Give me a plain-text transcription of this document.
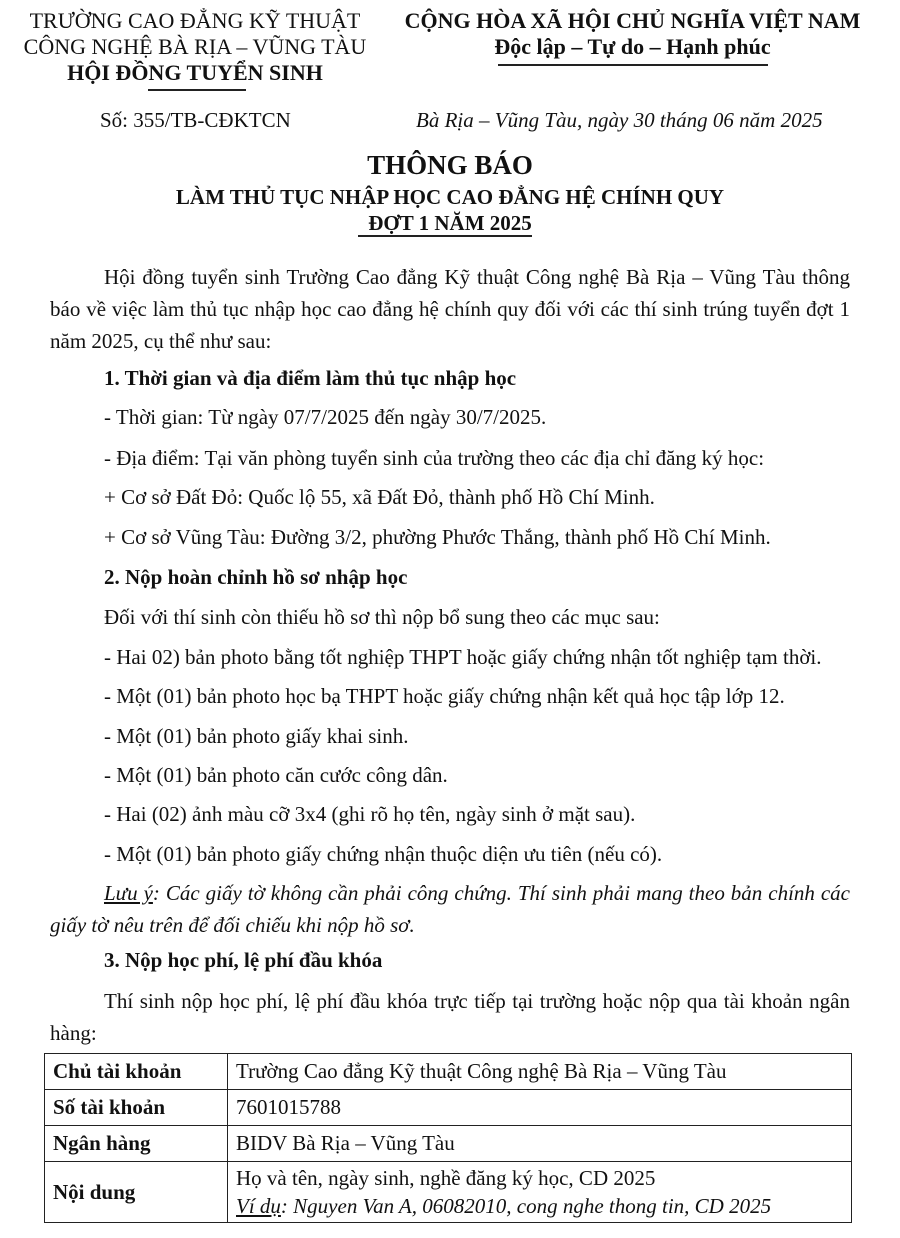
TRƯỜNG CAO ĐẲNG KỸ THUẬT
CÔNG NGHỆ BÀ RỊA – VŨNG TÀU
HỘI ĐỒNG TUYỂN SINH
CỘNG HÒA XÃ HỘI CHỦ NGHĨA VIỆT NAM
Độc lập – Tự do – Hạnh phúc
Số: 355/TB-CĐKTCN	Bà Rịa – Vũng Tàu, ngày 30 tháng 06 năm 2025
THÔNG BÁO
LÀM THỦ TỤC NHẬP HỌC CAO ĐẲNG HỆ CHÍNH QUY
ĐỢT 1 NĂM 2025
Hội đồng tuyển sinh Trường Cao đẳng Kỹ thuật Công nghệ Bà Rịa – Vũng Tàu thông báo về việc làm thủ tục nhập học cao đẳng hệ chính quy đối với các thí sinh trúng tuyển đợt 1 năm 2025, cụ thể như sau:
1. Thời gian và địa điểm làm thủ tục nhập học
- Thời gian: Từ ngày 07/7/2025 đến ngày 30/7/2025.
- Địa điểm: Tại văn phòng tuyển sinh của trường theo các địa chỉ đăng ký học:
+ Cơ sở Đất Đỏ: Quốc lộ 55, xã Đất Đỏ, thành phố Hồ Chí Minh.
+ Cơ sở Vũng Tàu: Đường 3/2, phường Phước Thắng, thành phố Hồ Chí Minh.
2. Nộp hoàn chỉnh hồ sơ nhập học
Đối với thí sinh còn thiếu hồ sơ thì nộp bổ sung theo các mục sau:
- Hai 02) bản photo bằng tốt nghiệp THPT hoặc giấy chứng nhận tốt nghiệp tạm thời.
- Một (01) bản photo học bạ THPT hoặc giấy chứng nhận kết quả học tập lớp 12.
- Một (01) bản photo giấy khai sinh.
- Một (01) bản photo căn cước công dân.
- Hai (02) ảnh màu cỡ 3x4 (ghi rõ họ tên, ngày sinh ở mặt sau).
- Một (01) bản photo giấy chứng nhận thuộc diện ưu tiên (nếu có).
Lưu ý: Các giấy tờ không cần phải công chứng. Thí sinh phải mang theo bản chính các giấy tờ nêu trên để đối chiếu khi nộp hồ sơ.
3. Nộp học phí, lệ phí đầu khóa
Thí sinh nộp học phí, lệ phí đầu khóa trực tiếp tại trường hoặc nộp qua tài khoản ngân hàng:
Chủ tài khoản	Trường Cao đẳng Kỹ thuật Công nghệ Bà Rịa – Vũng Tàu
Số tài khoản	7601015788
Ngân hàng	BIDV Bà Rịa – Vũng Tàu
Nội dung	Họ và tên, ngày sinh, nghề đăng ký học, CD 2025
Ví dụ: Nguyen Van A, 06082010, cong nghe thong tin, CD 2025
